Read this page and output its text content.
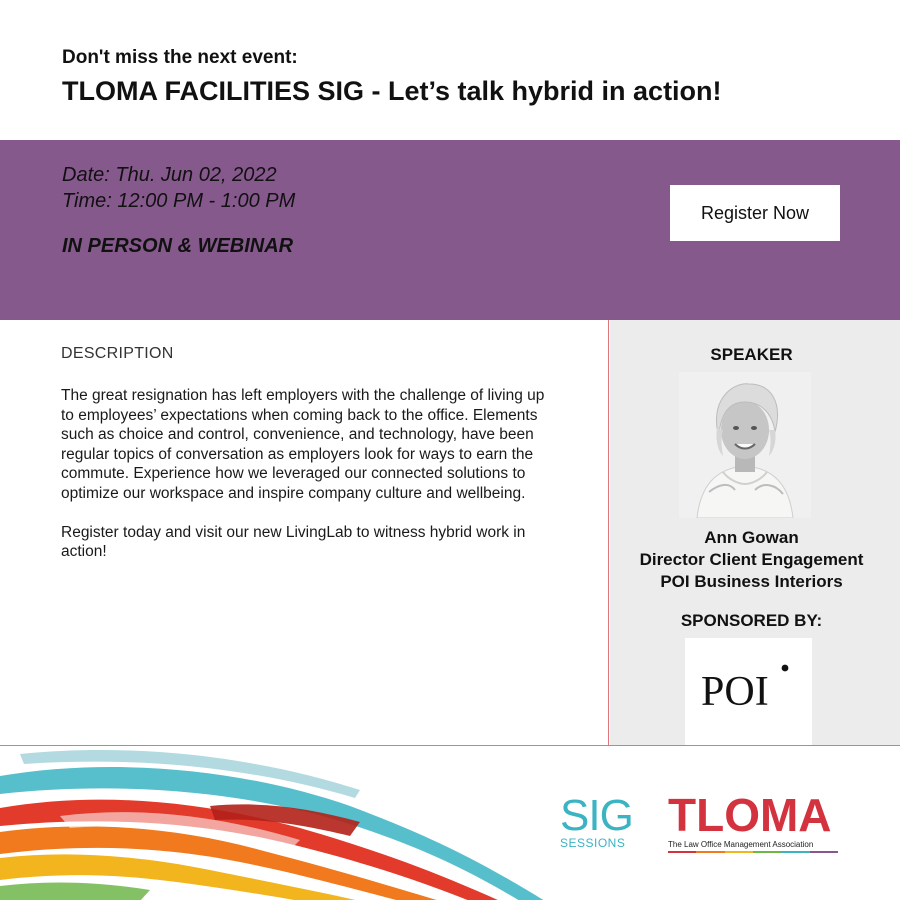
Don't miss the next event:
TLOMA FACILITIES SIG - Let’s talk hybrid in action!
Date: Thu. Jun 02, 2022
Time: 12:00 PM - 1:00 PM
IN PERSON & WEBINAR
Register Now
DESCRIPTION

The great resignation has left employers with the challenge of living up to employees’ expectations when coming back to the office. Elements such as choice and control, convenience, and technology, have been regular topics of conversation as employers look for ways to earn the commute. Experience how we leveraged our connected solutions to optimize our workspace and inspire company culture and wellbeing.

Register today and visit our new LivingLab to witness hybrid work in action!

SPEAKER
Ann Gowan
Director Client Engagement
POI Business Interiors
SPONSORED BY:
POI
SIG
SESSIONS
TLOMA
The Law Office Management Association
